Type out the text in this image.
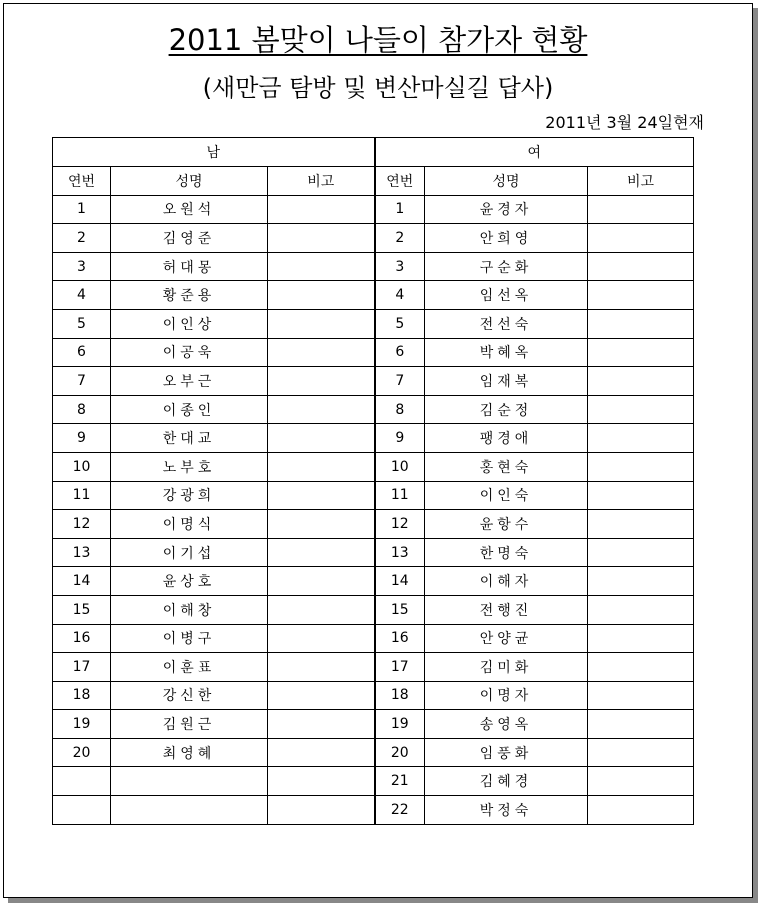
2011 봄맞이 나들이 참가자 현황
(새만금 탐방 및 변산마실길 답사)
2011년 3월 24일현재
남			여		
연번	성명	비고	연번	성명	비고
1	오원석		1	윤경자	
2	김영준		2	안희영	
3	허대몽		3	구순화	
4	황준용		4	임선옥	
5	이인상		5	전선숙	
6	이공욱		6	박혜옥	
7	오부근		7	임재복	
8	이종인		8	김순정	
9	한대교		9	팽경애	
10	노부호		10	홍현숙	
11	강광희		11	이인숙	
12	이명식		12	윤항수	
13	이기섭		13	한명숙	
14	윤상호		14	이해자	
15	이해창		15	전행진	
16	이병구		16	안양균	
17	이훈표		17	김미화	
18	강신한		18	이명자	
19	김원근		19	송영옥	
20	최영혜		20	임풍화	
			21	김혜경	
			22	박정숙	
